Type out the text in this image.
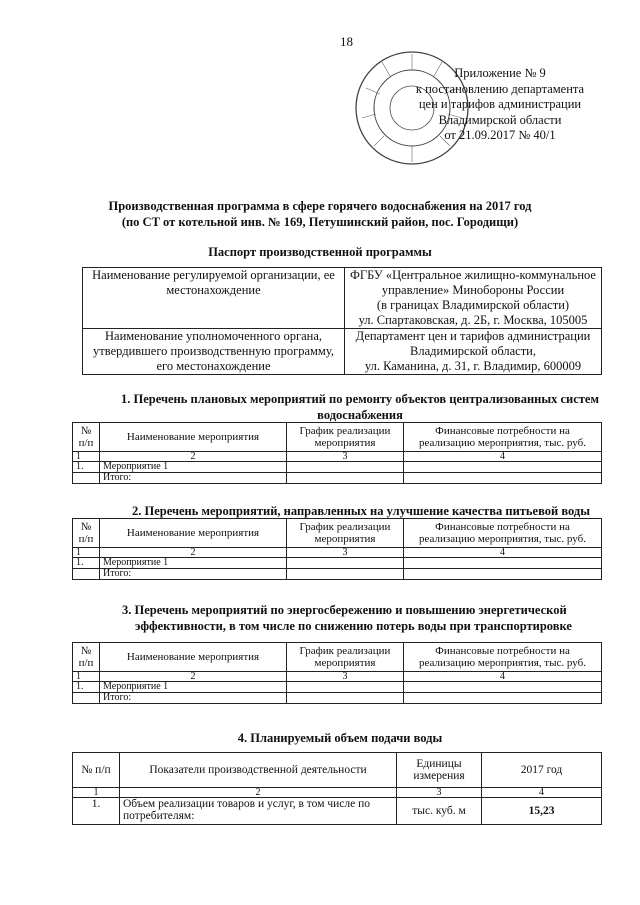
18
Приложение № 9
к постановлению департамента
цен и тарифов администрации
Владимирской области
от 21.09.2017 № 40/1
Производственная программа в сфере горячего водоснабжения на 2017 год
(по СТ от котельной инв. № 169, Петушинский район, пос. Городищи)
Паспорт производственной программы
Наименование регулируемой организации, ее местонахождение	ФГБУ «Центральное жилищно-коммунальное
управление» Минобороны России
(в границах Владимирской области)
ул. Спартаковская, д. 2Б, г. Москва, 105005

Наименование уполномоченного органа, утвердившего производственную программу, его местонахождение	Департамент цен и тарифов администрации
Владимирской области,
ул. Каманина, д. 31, г. Владимир, 600009
1. Перечень плановых мероприятий по ремонту объектов централизованных систем
водоснабжения
№ п/п	Наименование мероприятия	График реализации мероприятия	Финансовые потребности на реализацию мероприятия, тыс. руб.
1	2	3	4
1.	Мероприятие 1		
	Итого:		
2. Перечень мероприятий, направленных на улучшение качества питьевой воды
№ п/п	Наименование мероприятия	График реализации мероприятия	Финансовые потребности на реализацию мероприятия, тыс. руб.
1	2	3	4
1.	Мероприятие 1		
	Итого:		
3. Перечень мероприятий по энергосбережению и повышению энергетической
эффективности, в том числе по снижению потерь воды при транспортировке
№ п/п	Наименование мероприятия	График реализации мероприятия	Финансовые потребности на реализацию мероприятия, тыс. руб.
1	2	3	4
1.	Мероприятие 1		
	Итого:		
4. Планируемый объем подачи воды
№ п/п	Показатели производственной деятельности	Единицы измерения	2017 год
1	2	3	4
1.	Объем реализации товаров и услуг, в том числе по потребителям:	тыс. куб. м	15,23
